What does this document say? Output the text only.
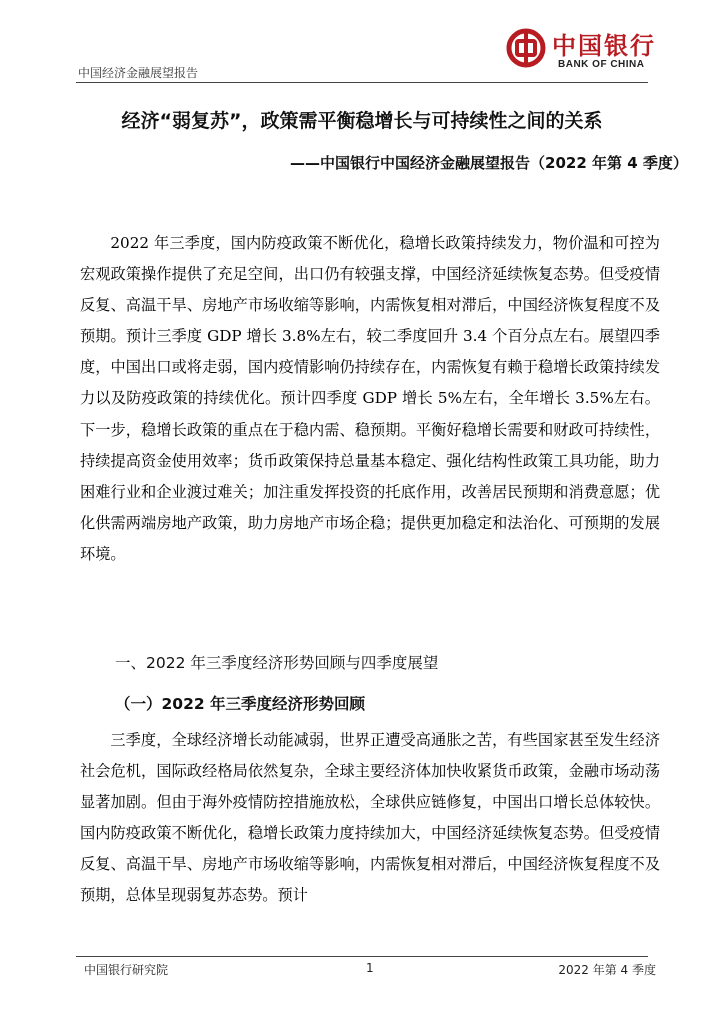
中国经济金融展望报告
中国银行
BANK OF CHINA
经济“弱复苏”，政策需平衡稳增长与可持续性之间的关系
——中国银行中国经济金融展望报告（2022 年第 4 季度）

2022 年三季度，国内防疫政策不断优化，稳增长政策持续发力，物价温和可控为宏观政策操作提供了充足空间，出口仍有较强支撑，中国经济延续恢复态势。但受疫情反复、高温干旱、房地产市场收缩等影响，内需恢复相对滞后，中国经济恢复程度不及预期。预计三季度 GDP 增长 3.8%左右，较二季度回升 3.4 个百分点左右。展望四季度，中国出口或将走弱，国内疫情影响仍持续存在，内需恢复有赖于稳增长政策持续发力以及防疫政策的持续优化。预计四季度 GDP 增长 5%左右，全年增长 3.5%左右。下一步，稳增长政策的重点在于稳内需、稳预期。平衡好稳增长需要和财政可持续性，持续提高资金使用效率；货币政策保持总量基本稳定、强化结构性政策工具功能，助力困难行业和企业渡过难关；加注重发挥投资的托底作用，改善居民预期和消费意愿；优化供需两端房地产政策，助力房地产市场企稳；提供更加稳定和法治化、可预期的发展环境。

一、2022 年三季度经济形势回顾与四季度展望
（一）2022 年三季度经济形势回顾

三季度，全球经济增长动能减弱，世界正遭受高通胀之苦，有些国家甚至发生经济社会危机，国际政经格局依然复杂，全球主要经济体加快收紧货币政策，金融市场动荡显著加剧。但由于海外疫情防控措施放松，全球供应链修复，中国出口增长总体较快。国内防疫政策不断优化，稳增长政策力度持续加大，中国经济延续恢复态势。但受疫情反复、高温干旱、房地产市场收缩等影响，内需恢复相对滞后，中国经济恢复程度不及预期，总体呈现弱复苏态势。预计

中国银行研究院	1	2022 年第 4 季度
